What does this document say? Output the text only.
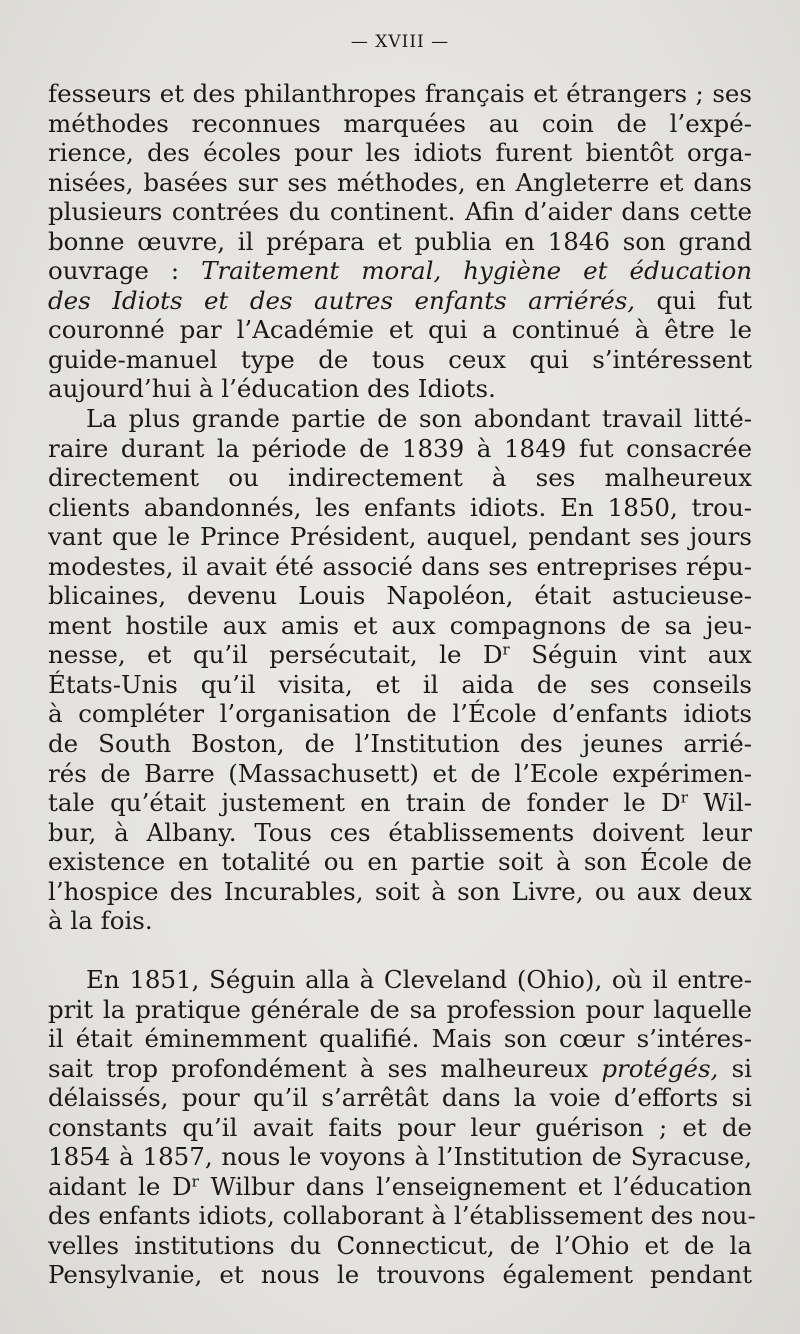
— XVIII —
fesseurs et des philanthropes français et étrangers ; ses
méthodes reconnues marquées au coin de l’expé-
rience, des écoles pour les idiots furent bientôt orga-
nisées, basées sur ses méthodes, en Angleterre et dans
plusieurs contrées du continent. Afin d’aider dans cette
bonne œuvre, il prépara et publia en 1846 son grand
ouvrage : Traitement moral, hygiène et éducation
des Idiots et des autres enfants arriérés, qui fut
couronné par l’Académie et qui a continué à être le
guide-manuel type de tous ceux qui s’intéressent
aujourd’hui à l’éducation des Idiots.
La plus grande partie de son abondant travail litté-
raire durant la période de 1839 à 1849 fut consacrée
directement ou indirectement à ses malheureux
clients abandonnés, les enfants idiots. En 1850, trou-
vant que le Prince Président, auquel, pendant ses jours
modestes, il avait été associé dans ses entreprises répu-
blicaines, devenu Louis Napoléon, était astucieuse-
ment hostile aux amis et aux compagnons de sa jeu-
nesse, et qu’il persécutait, le $D^r$ Séguin vint aux
États-Unis qu’il visita, et il aida de ses conseils
à compléter l’organisation de l’École d’enfants idiots
de South Boston, de l’Institution des jeunes arrié-
rés de Barre (Massachusett) et de l’Ecole expérimen-
tale qu’était justement en train de fonder le $D^r$ Wil-
bur, à Albany. Tous ces établissements doivent leur
existence en totalité ou en partie soit à son École de
l’hospice des Incurables, soit à son Livre, ou aux deux
à la fois.
En 1851, Séguin alla à Cleveland (Ohio), où il entre-
prit la pratique générale de sa profession pour laquelle
il était éminemment qualifié. Mais son cœur s’intéres-
sait trop profondément à ses malheureux protégés, si
délaissés, pour qu’il s’arrêtât dans la voie d’efforts si
constants qu’il avait faits pour leur guérison ; et de
1854 à 1857, nous le voyons à l’Institution de Syracuse,
aidant le $D^r$ Wilbur dans l’enseignement et l’éducation
des enfants idiots, collaborant à l’établissement des nou-
velles institutions du Connecticut, de l’Ohio et de la
Pensylvanie, et nous le trouvons également pendant
